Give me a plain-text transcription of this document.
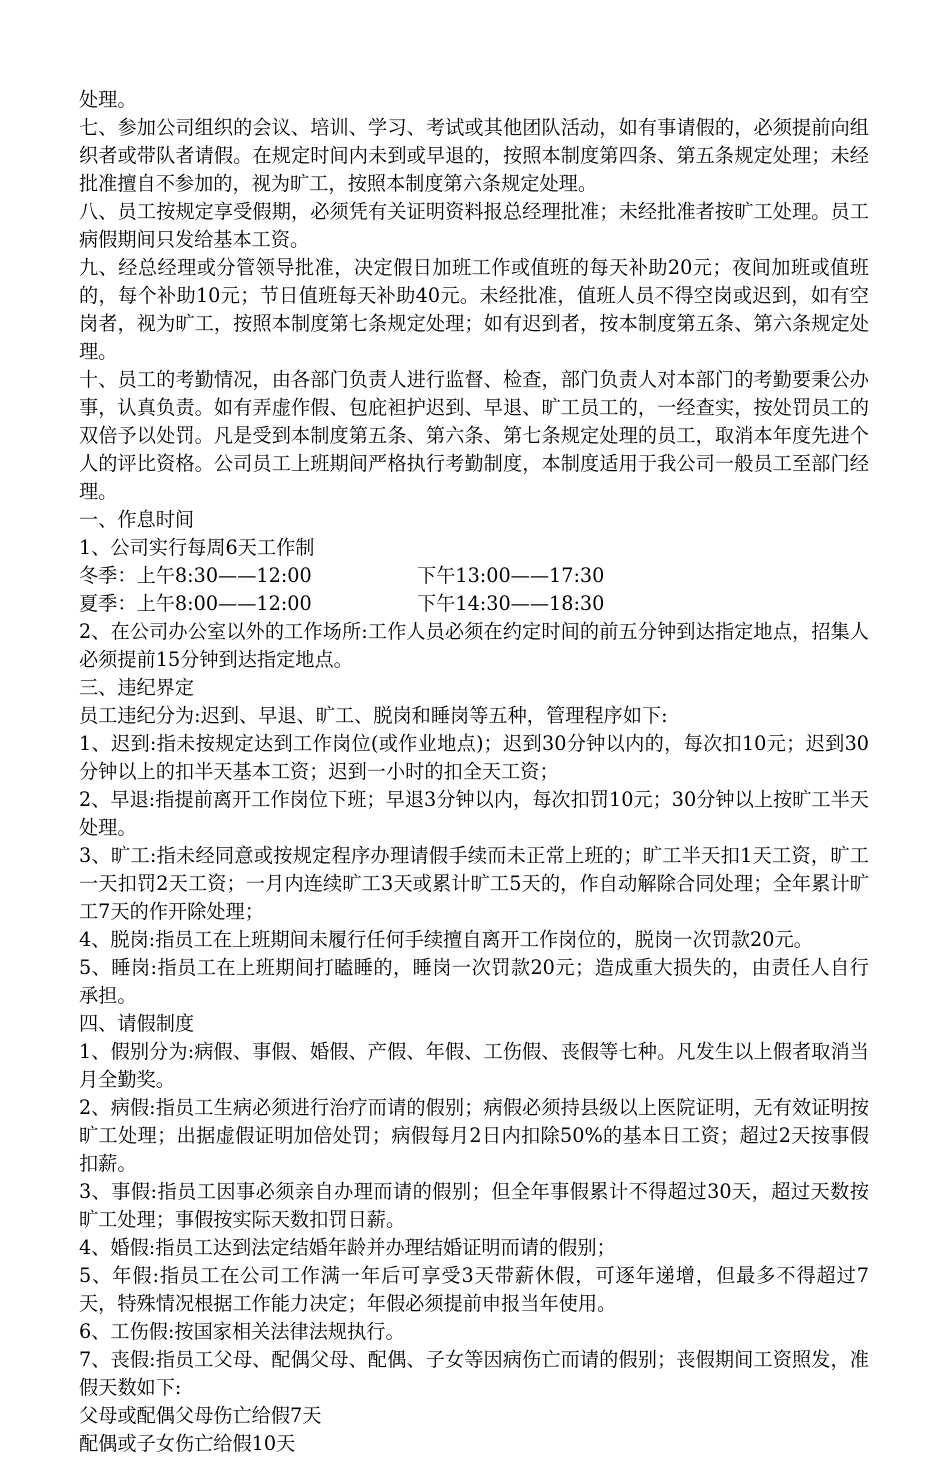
处理。

七、参加公司组织的会议、培训、学习、考试或其他团队活动，如有事请假的，必须提前向组织者或带队者请假。在规定时间内未到或早退的，按照本制度第四条、第五条规定处理；未经批准擅自不参加的，视为旷工，按照本制度第六条规定处理。

八、员工按规定享受假期，必须凭有关证明资料报总经理批准；未经批准者按旷工处理。员工病假期间只发给基本工资。

九、经总经理或分管领导批准，决定假日加班工作或值班的每天补助20元；夜间加班或值班的，每个补助10元；节日值班每天补助40元。未经批准，值班人员不得空岗或迟到，如有空岗者，视为旷工，按照本制度第七条规定处理；如有迟到者，按本制度第五条、第六条规定处理。

十、员工的考勤情况，由各部门负责人进行监督、检查，部门负责人对本部门的考勤要秉公办事，认真负责。如有弄虚作假、包庇袒护迟到、早退、旷工员工的，一经查实，按处罚员工的双倍予以处罚。凡是受到本制度第五条、第六条、第七条规定处理的员工，取消本年度先进个人的评比资格。公司员工上班期间严格执行考勤制度，本制度适用于我公司一般员工至部门经理。

一、作息时间

1、公司实行每周6天工作制

冬季：上午8:30——12:00	下午13:00——17:30
夏季：上午8:00——12:00	下午14:30——18:30

2、在公司办公室以外的工作场所:工作人员必须在约定时间的前五分钟到达指定地点，招集人必须提前15分钟到达指定地点。

三、违纪界定

员工违纪分为:迟到、早退、旷工、脱岗和睡岗等五种，管理程序如下:

1、迟到:指未按规定达到工作岗位(或作业地点)；迟到30分钟以内的，每次扣10元；迟到30分钟以上的扣半天基本工资；迟到一小时的扣全天工资；

2、早退:指提前离开工作岗位下班；早退3分钟以内，每次扣罚10元；30分钟以上按旷工半天处理。

3、旷工:指未经同意或按规定程序办理请假手续而未正常上班的；旷工半天扣1天工资，旷工一天扣罚2天工资；一月内连续旷工3天或累计旷工5天的，作自动解除合同处理；全年累计旷工7天的作开除处理；

4、脱岗:指员工在上班期间未履行任何手续擅自离开工作岗位的，脱岗一次罚款20元。

5、睡岗:指员工在上班期间打瞌睡的，睡岗一次罚款20元；造成重大损失的，由责任人自行承担。

四、请假制度

1、假别分为:病假、事假、婚假、产假、年假、工伤假、丧假等七种。凡发生以上假者取消当月全勤奖。

2、病假:指员工生病必须进行治疗而请的假别；病假必须持县级以上医院证明，无有效证明按旷工处理；出据虚假证明加倍处罚；病假每月2日内扣除50%的基本日工资；超过2天按事假扣薪。

3、事假:指员工因事必须亲自办理而请的假别；但全年事假累计不得超过30天，超过天数按旷工处理；事假按实际天数扣罚日薪。

4、婚假:指员工达到法定结婚年龄并办理结婚证明而请的假别；

5、年假:指员工在公司工作满一年后可享受3天带薪休假，可逐年递增，但最多不得超过7天，特殊情况根据工作能力决定；年假必须提前申报当年使用。

6、工伤假:按国家相关法律法规执行。

7、丧假:指员工父母、配偶父母、配偶、子女等因病伤亡而请的假别；丧假期间工资照发，准假天数如下:

父母或配偶父母伤亡给假7天

配偶或子女伤亡给假10天
